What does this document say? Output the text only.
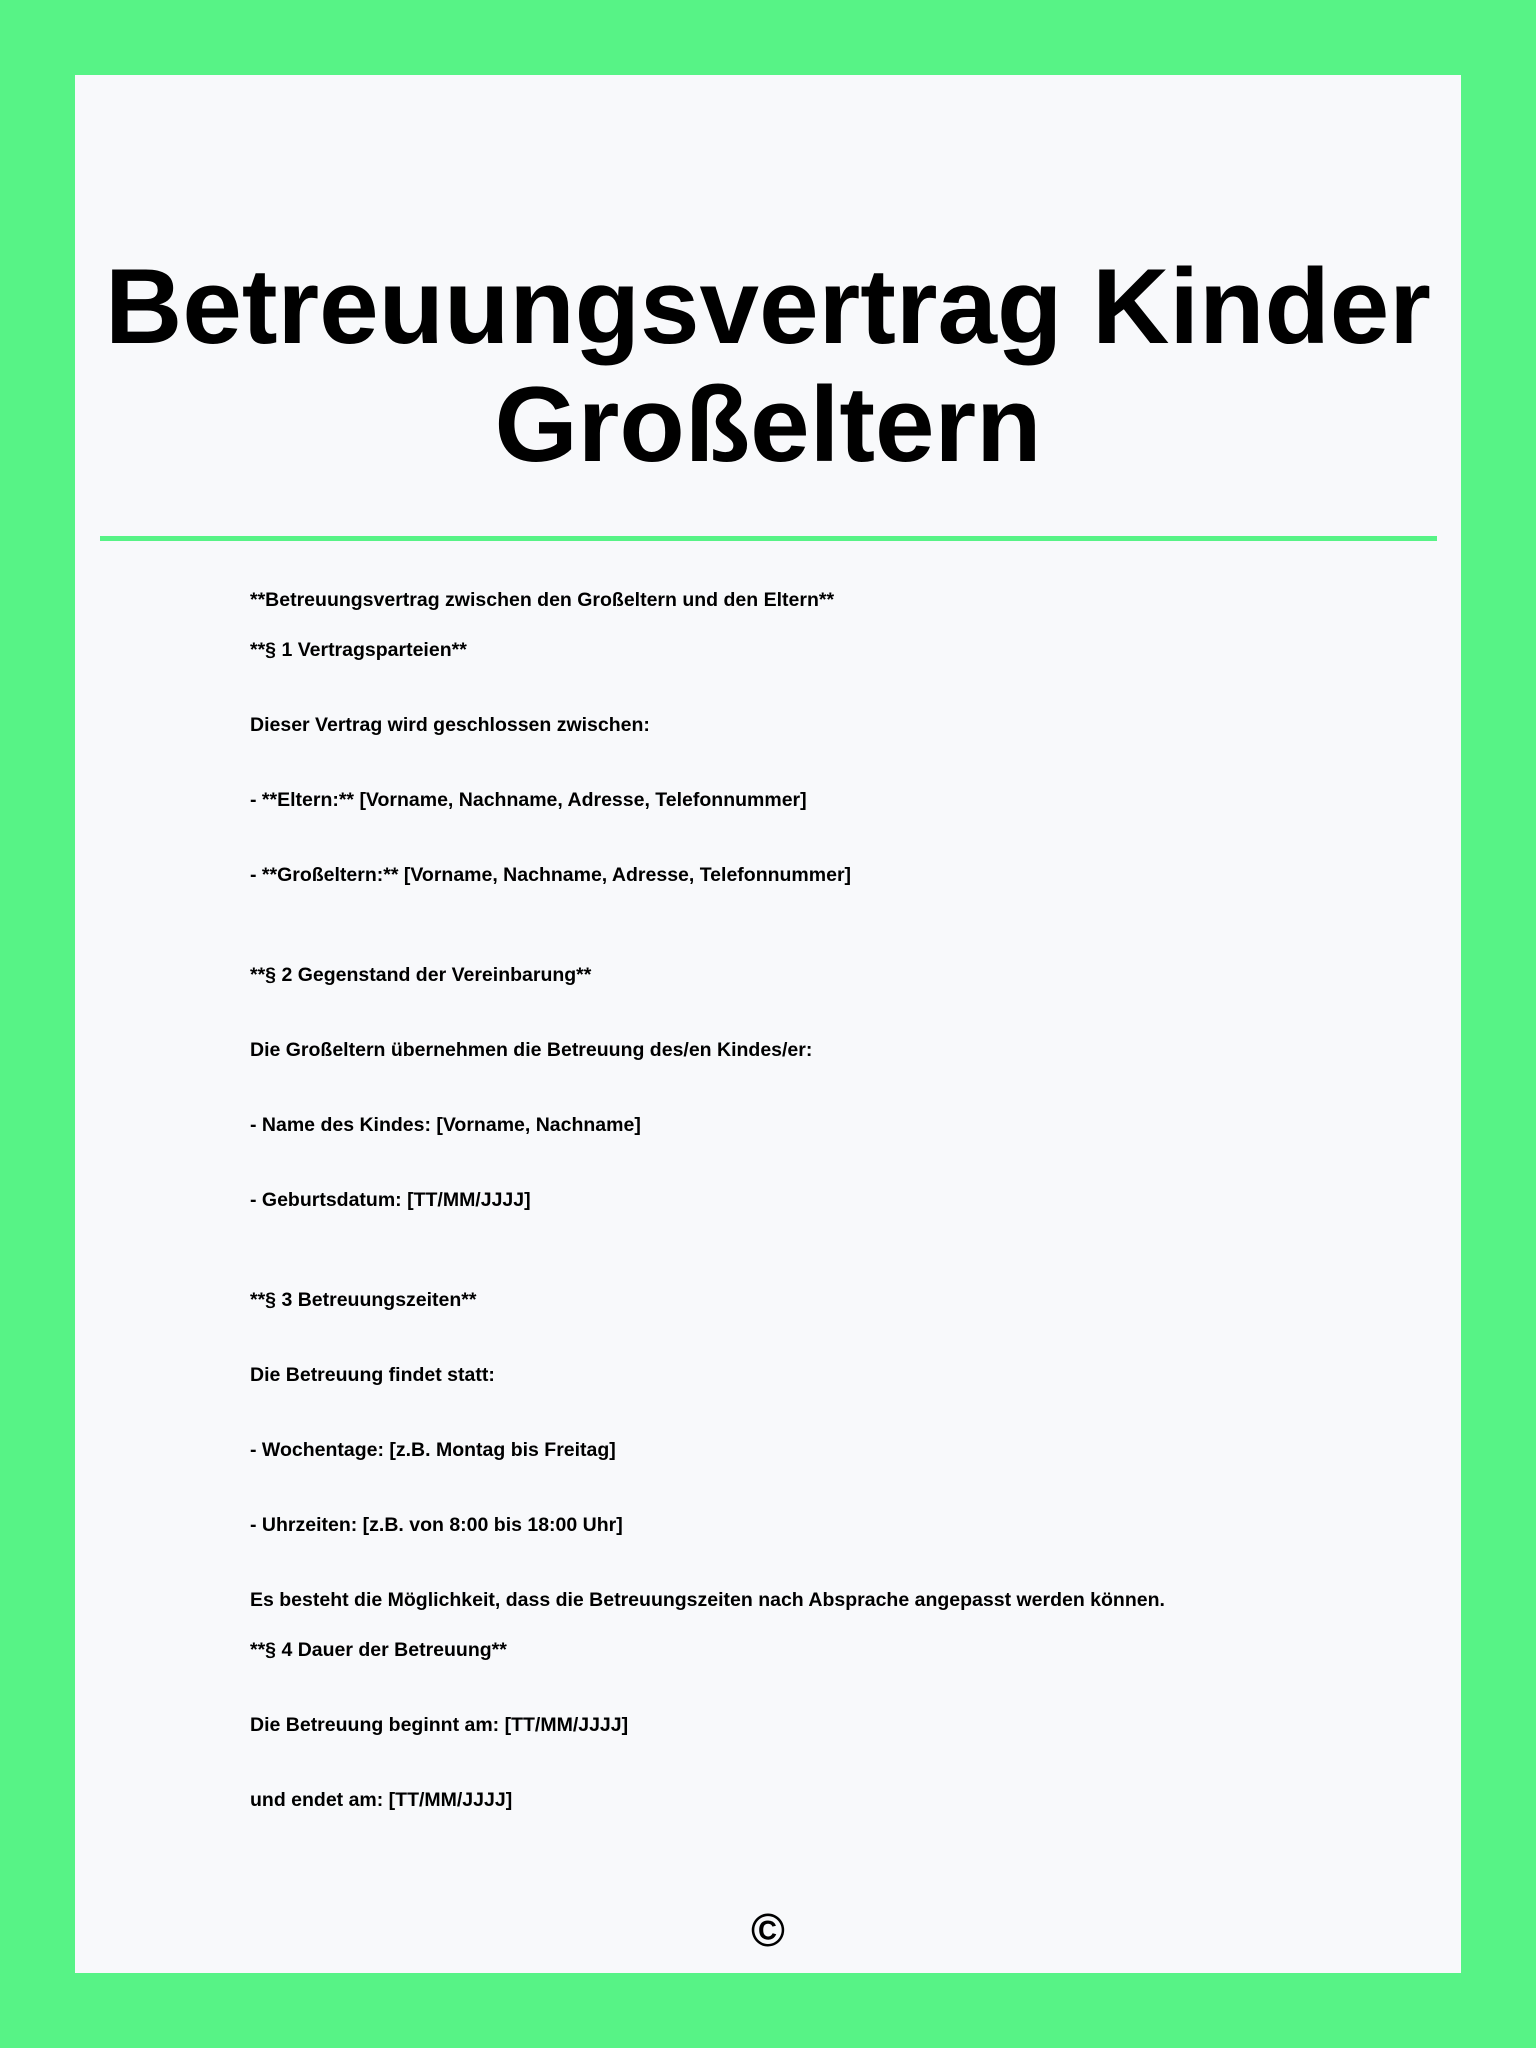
Betreuungsvertrag Kinder
Großeltern
**Betreuungsvertrag zwischen den Großeltern und den Eltern**
**§ 1 Vertragsparteien**
Dieser Vertrag wird geschlossen zwischen:
- **Eltern:** [Vorname, Nachname, Adresse, Telefonnummer]
- **Großeltern:** [Vorname, Nachname, Adresse, Telefonnummer]
**§ 2 Gegenstand der Vereinbarung**
Die Großeltern übernehmen die Betreuung des/en Kindes/er:
- Name des Kindes: [Vorname, Nachname]
- Geburtsdatum: [TT/MM/JJJJ]
**§ 3 Betreuungszeiten**
Die Betreuung findet statt:
- Wochentage: [z.B. Montag bis Freitag]
- Uhrzeiten: [z.B. von 8:00 bis 18:00 Uhr]
Es besteht die Möglichkeit, dass die Betreuungszeiten nach Absprache angepasst werden können.
**§ 4 Dauer der Betreuung**
Die Betreuung beginnt am: [TT/MM/JJJJ]
und endet am: [TT/MM/JJJJ]
©
